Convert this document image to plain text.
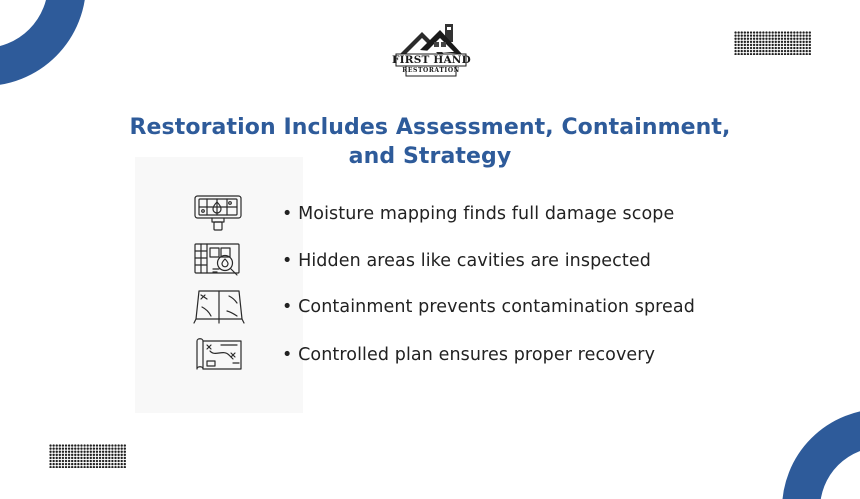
FIRST HAND
RESTORATION
Restoration Includes Assessment, Containment,
and Strategy
• Moisture mapping finds full damage scope
• Hidden areas like cavities are inspected
• Containment prevents contamination spread
• Controlled plan ensures proper recovery
